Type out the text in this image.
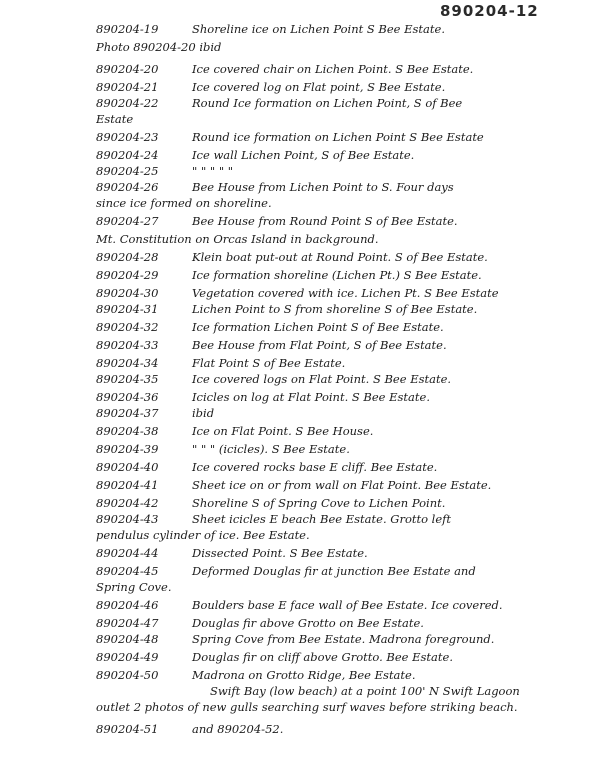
890204-12
890204-19	Shoreline ice on Lichen Point S Bee Estate.
Photo 890204-20 ibid
890204-20	Ice covered chair on Lichen Point. S Bee Estate.
890204-21	Ice covered log on Flat point, S Bee Estate.
890204-22	Round Ice formation on Lichen Point, S of Bee
Estate
890204-23	Round ice formation on Lichen Point S Bee Estate
890204-24	Ice wall Lichen Point, S of Bee Estate.
890204-25	" " " " "
890204-26	Bee House from Lichen Point to S. Four days
since ice formed on shoreline.
890204-27	Bee House from Round Point S of Bee Estate.
Mt. Constitution on Orcas Island in background.
890204-28	Klein boat put-out at Round Point. S of Bee Estate.
890204-29	Ice formation shoreline (Lichen Pt.) S Bee Estate.
890204-30	Vegetation covered with ice. Lichen Pt. S Bee Estate
890204-31	Lichen Point to S from shoreline S of Bee Estate.
890204-32	Ice formation Lichen Point S of Bee Estate.
890204-33	Bee House from Flat Point, S of Bee Estate.
890204-34	Flat Point S of Bee Estate.
890204-35	Ice covered logs on Flat Point. S Bee Estate.
890204-36	Icicles on log at Flat Point. S Bee Estate.
890204-37	ibid
890204-38	Ice on Flat Point. S Bee House.
890204-39	" " " (icicles). S Bee Estate.
890204-40	Ice covered rocks base E cliff. Bee Estate.
890204-41	Sheet ice on or from wall on Flat Point. Bee Estate.
890204-42	Shoreline S of Spring Cove to Lichen Point.
890204-43	Sheet icicles E beach Bee Estate. Grotto left
pendulus cylinder of ice. Bee Estate.
890204-44	Dissected Point. S Bee Estate.
890204-45	Deformed Douglas fir at junction Bee Estate and
Spring Cove.
890204-46	Boulders base E face wall of Bee Estate. Ice covered.
890204-47	Douglas fir above Grotto on Bee Estate.
890204-48	Spring Cove from Bee Estate. Madrona foreground.
890204-49	Douglas fir on cliff above Grotto. Bee Estate.
890204-50	Madrona on Grotto Ridge, Bee Estate.
Swift Bay (low beach) at a point 100' N Swift Lagoon
outlet 2 photos of new gulls searching surf waves before striking beach.
890204-51	and 890204-52.
